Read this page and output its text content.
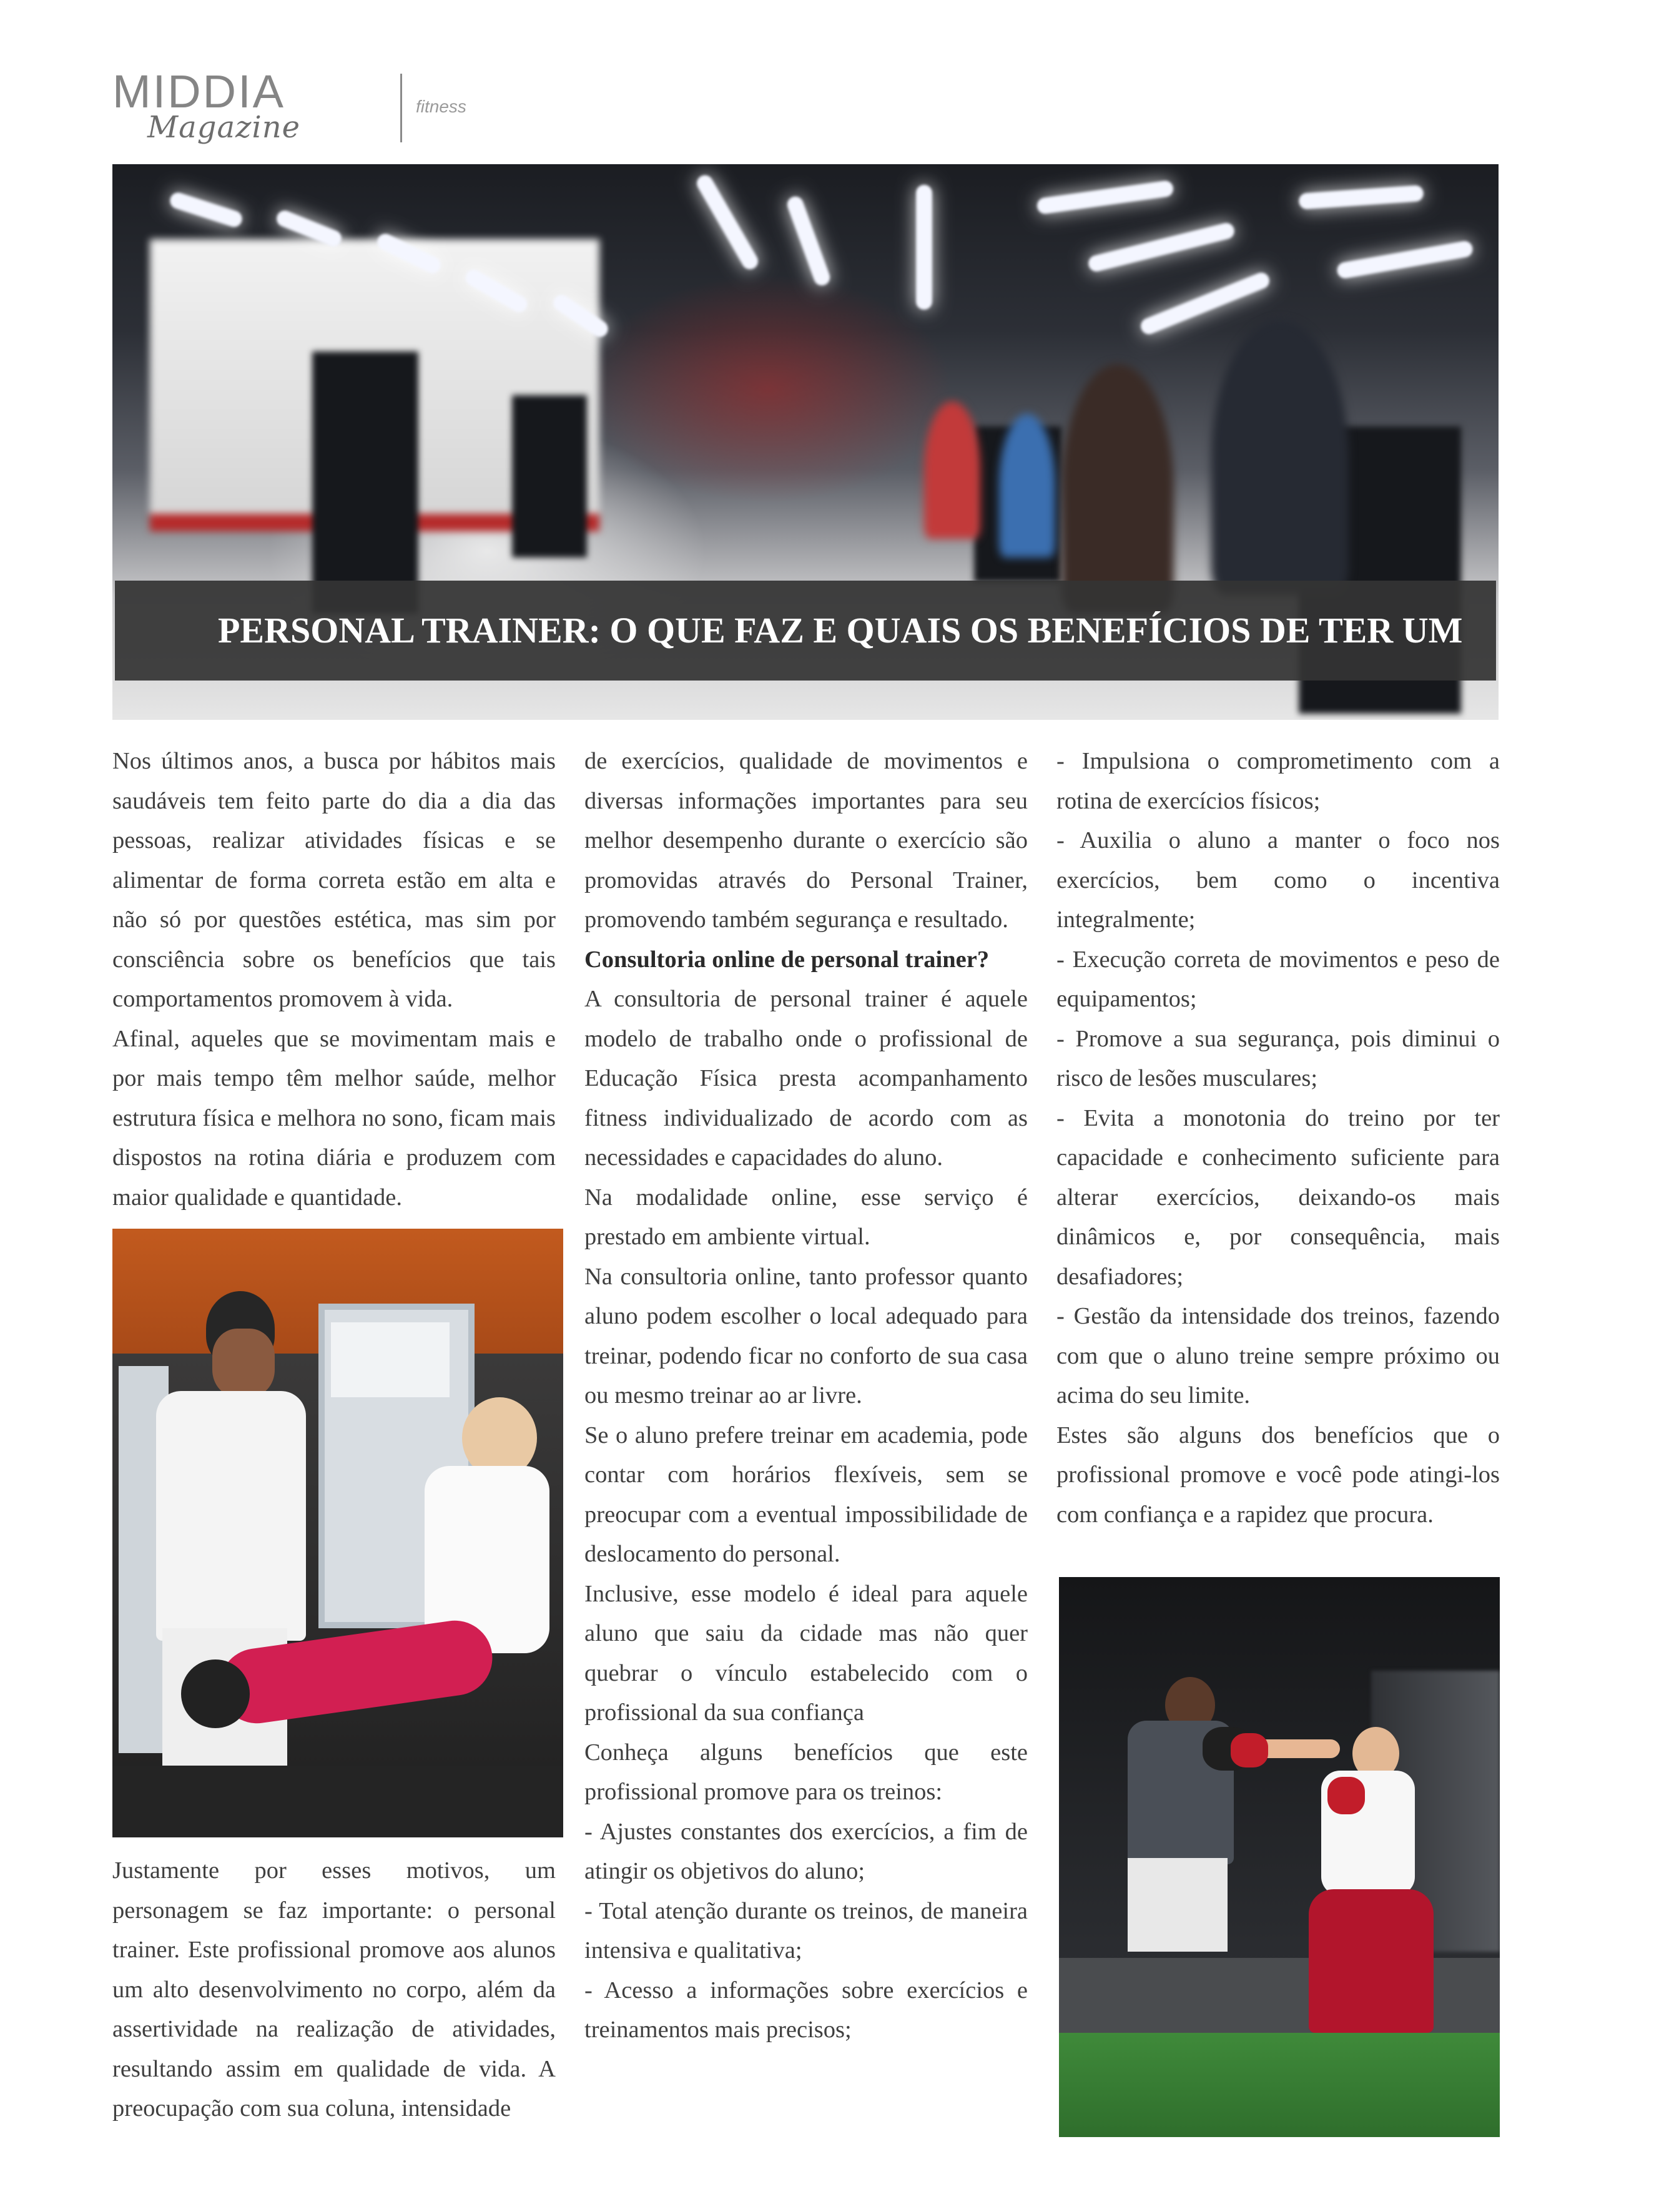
MIDDIA
Magazine
fitness
PERSONAL TRAINER: O QUE FAZ E QUAIS OS BENEFÍCIOS DE TER UM

Nos últimos anos, a busca por hábitos mais saudáveis tem feito parte do dia a dia das pessoas, realizar atividades físicas e se alimentar de forma correta estão em alta e não só por questões estética, mas sim por consciência sobre os benefícios que tais comportamentos promovem à vida.

Afinal, aqueles que se movimentam mais e por mais tempo têm melhor saúde, melhor estrutura física e melhora no sono, ficam mais dispostos na rotina diária e produzem com maior qualidade e quantidade.

Justamente por esses motivos, um personagem se faz importante: o personal trainer. Este profissional promove aos alunos um alto desenvolvimento no corpo, além da assertividade na realização de atividades, resultando assim em qualidade de vida. A preocupação com sua coluna, intensidade

de exercícios, qualidade de movimentos e diversas informações importantes para seu melhor desempenho durante o exercício são promovidas através do Personal Trainer, promovendo também segurança e resultado.

Consultoria online de personal trainer?

A consultoria de personal trainer é aquele modelo de trabalho onde o profissional de Educação Física presta acompanhamento fitness individualizado de acordo com as necessidades e capacidades do aluno.

Na modalidade online, esse serviço é prestado em ambiente virtual.

Na consultoria online, tanto professor quanto aluno podem escolher o local adequado para treinar, podendo ficar no conforto de sua casa ou mesmo treinar ao ar livre.

Se o aluno prefere treinar em academia, pode contar com horários flexíveis, sem se preocupar com a eventual impossibilidade de deslocamento do personal.

Inclusive, esse modelo é ideal para aquele aluno que saiu da cidade mas não quer quebrar o vínculo estabelecido com o profissional da sua confiança

Conheça alguns benefícios que este profissional promove para os treinos:

- Ajustes constantes dos exercícios, a fim de atingir os objetivos do aluno;

- Total atenção durante os treinos, de maneira intensiva e qualitativa;

- Acesso a informações sobre exercícios e treinamentos mais precisos;

- Impulsiona o comprometimento com a rotina de exercícios físicos;

- Auxilia o aluno a manter o foco nos exercícios, bem como o incentiva integralmente;

- Execução correta de movimentos e peso de equipamentos;

- Promove a sua segurança, pois diminui o risco de lesões musculares;

- Evita a monotonia do treino por ter capacidade e conhecimento suficiente para alterar exercícios, deixando-os mais dinâmicos e, por consequência, mais desafiadores;

- Gestão da intensidade dos treinos, fazendo com que o aluno treine sempre próximo ou acima do seu limite.

Estes são alguns dos benefícios que o profissional promove e você pode atingi-los com confiança e a rapidez que procura.
